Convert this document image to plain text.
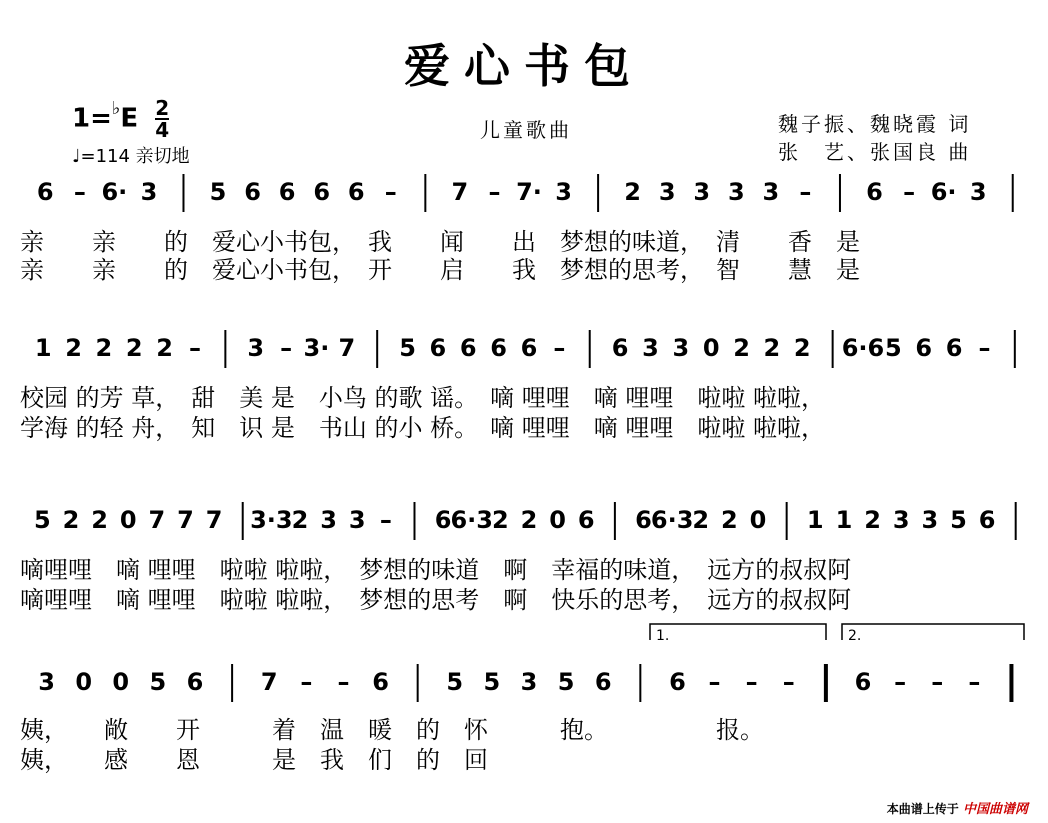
爱心书包
$1=^♭E \frac{2}{4}$
♩=114 亲切地
儿童歌曲	魏子振、魏晓霞 词
张　艺、张国良 曲
6 – 6· 3 5 6 6 6 6 – 7 – 7· 3 2 3 3 3 3 – 6 – 6· 3
1 2 2 2 2 – 3 – 3· 7 5 6 6 6 6 – 6 3 3 0 2 2 2 6·6 5 6 6 –
5 2 2 0 7 7 7 3·3 2 3 3 – 6 6·3 2 2 0 6 6 6·3 2 2 0 1 1 2 3 3 5 6
3 0 0 5 6 7 – – 6 5 5 3 5 6 6 – – – 6 – – –
1.	2.
亲　　亲　　的　爱心小书包，　我　　闻　　出　梦想的味道，　清　　香　是
亲　　亲　　的　爱心小书包，　开　　启　　我　梦想的思考，　智　　慧　是
校园 的芳 草，　甜　美 是　小鸟 的歌 谣。　嘀 哩哩　嘀 哩哩　啦啦 啦啦，
学海 的轻 舟，　知　识 是　书山 的小 桥。　嘀 哩哩　嘀 哩哩　啦啦 啦啦，
嘀哩哩　嘀 哩哩　啦啦 啦啦，　梦想的味道　啊　幸福的味道，　远方的叔叔阿
嘀哩哩　嘀 哩哩　啦啦 啦啦，　梦想的思考　啊　快乐的思考，　远方的叔叔阿
姨，　　敞　　开　　　着　温　暖　的　怀　　　抱。　　　　　报。
姨，　　感　　恩　　　是　我　们　的　回
本曲谱上传于 中国曲谱网
